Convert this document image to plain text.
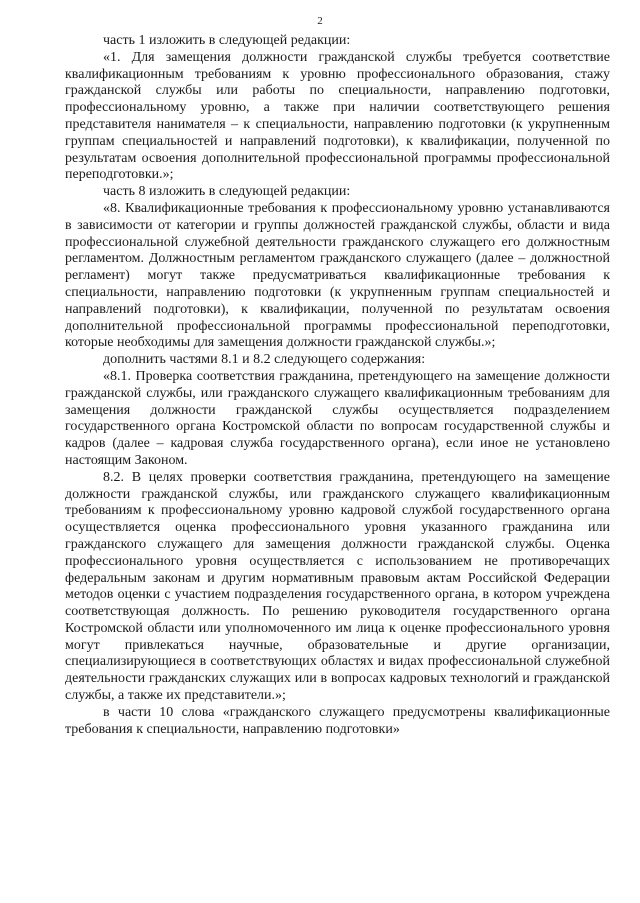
2

часть 1 изложить в следующей редакции:

«1. Для замещения должности гражданской службы требуется соответствие квалификационным требованиям к уровню профессионального образования, стажу гражданской службы или работы по специальности, направлению подготовки, профессиональному уровню, а также при наличии соответствующего решения представителя нанимателя – к специальности, направлению подготовки (к укрупненным группам специальностей и направлений подготовки), к квалификации, полученной по результатам освоения дополнительной профессиональной программы профессиональной переподготовки.»;

часть 8 изложить в следующей редакции:

«8. Квалификационные требования к профессиональному уровню устанавливаются в зависимости от категории и группы должностей гражданской службы, области и вида профессиональной служебной деятельности гражданского служащего его должностным регламентом. Должностным регламентом гражданского служащего (далее – должностной регламент) могут также предусматриваться квалификационные требования к специальности, направлению подготовки (к укрупненным группам специальностей и направлений подготовки), к квалификации, полученной по результатам освоения дополнительной профессиональной программы профессиональной переподготовки, которые необходимы для замещения должности гражданской службы.»;

дополнить частями 8.1 и 8.2 следующего содержания:

«8.1. Проверка соответствия гражданина, претендующего на замещение должности гражданской службы, или гражданского служащего квалификационным требованиям для замещения должности гражданской службы осуществляется подразделением государственного органа Костромской области по вопросам государственной службы и кадров (далее – кадровая служба государственного органа), если иное не установлено настоящим Законом.

8.2. В целях проверки соответствия гражданина, претендующего на замещение должности гражданской службы, или гражданского служащего квалификационным требованиям к профессиональному уровню кадровой службой государственного органа осуществляется оценка профессионального уровня указанного гражданина или гражданского служащего для замещения должности гражданской службы. Оценка профессионального уровня осуществляется с использованием не противоречащих федеральным законам и другим нормативным правовым актам Российской Федерации методов оценки с участием подразделения государственного органа, в котором учреждена соответствующая должность. По решению руководителя государственного органа Костромской области или уполномоченного им лица к оценке профессионального уровня могут привлекаться научные, образовательные и другие организации, специализирующиеся в соответствующих областях и видах профессиональной служебной деятельности гражданских служащих или в вопросах кадровых технологий и гражданской службы, а также их представители.»;

в части 10 слова «гражданского служащего предусмотрены квалификационные требования к специальности, направлению подготовки»
